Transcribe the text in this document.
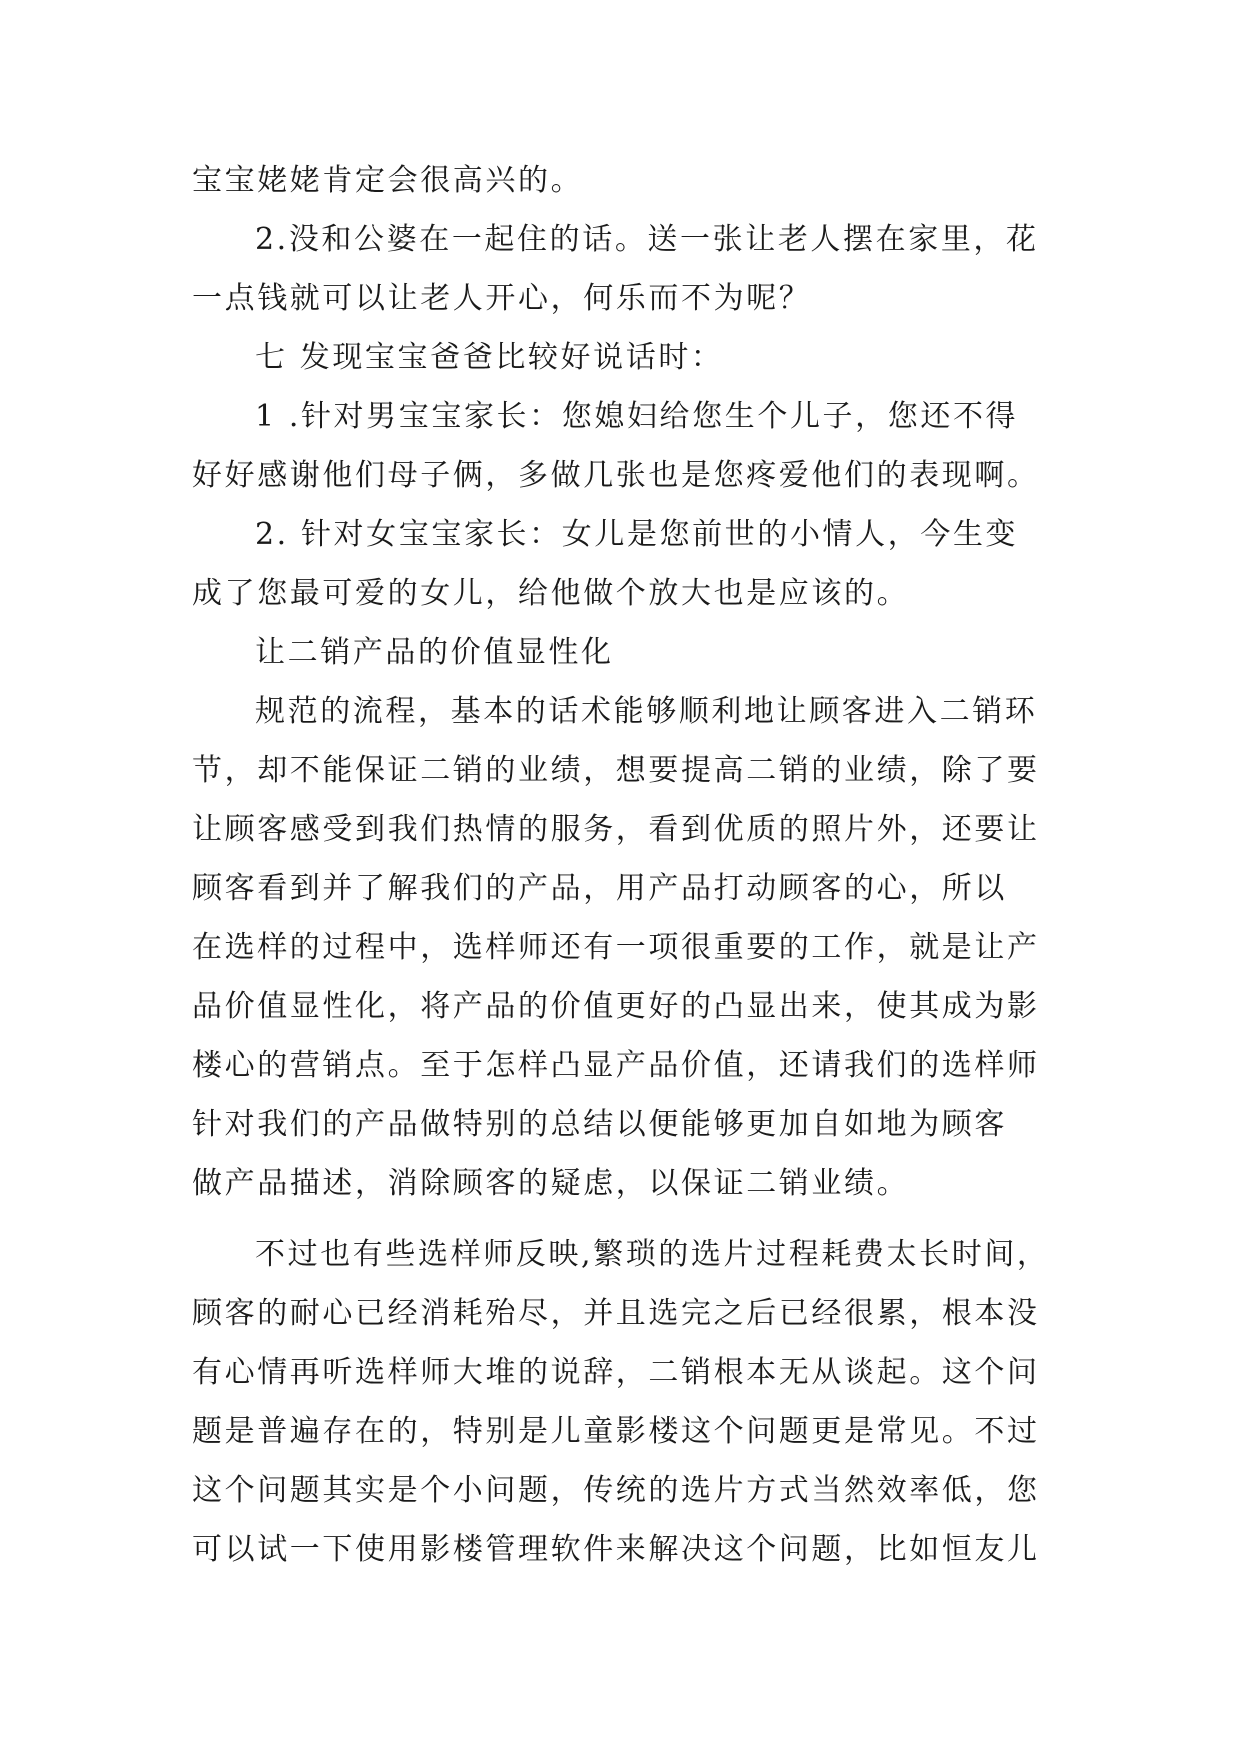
宝宝姥姥肯定会很高兴的。
2.没和公婆在一起住的话。送一张让老人摆在家里，花
一点钱就可以让老人开心，何乐而不为呢？
七 发现宝宝爸爸比较好说话时：
1 .针对男宝宝家长：您媳妇给您生个儿子，您还不得
好好感谢他们母子俩，多做几张也是您疼爱他们的表现啊。
2. 针对女宝宝家长：女儿是您前世的小情人，今生变
成了您最可爱的女儿，给他做个放大也是应该的。
让二销产品的价值显性化
规范的流程，基本的话术能够顺利地让顾客进入二销环
节，却不能保证二销的业绩，想要提高二销的业绩，除了要
让顾客感受到我们热情的服务，看到优质的照片外，还要让
顾客看到并了解我们的产品，用产品打动顾客的心，所以
在选样的过程中，选样师还有一项很重要的工作，就是让产
品价值显性化，将产品的价值更好的凸显出来，使其成为影
楼心的营销点。至于怎样凸显产品价值，还请我们的选样师
针对我们的产品做特别的总结以便能够更加自如地为顾客
做产品描述，消除顾客的疑虑，以保证二销业绩。
不过也有些选样师反映,繁琐的选片过程耗费太长时间，
顾客的耐心已经消耗殆尽，并且选完之后已经很累，根本没
有心情再听选样师大堆的说辞，二销根本无从谈起。这个问
题是普遍存在的，特别是儿童影楼这个问题更是常见。不过
这个问题其实是个小问题，传统的选片方式当然效率低，您
可以试一下使用影楼管理软件来解决这个问题，比如恒友儿
